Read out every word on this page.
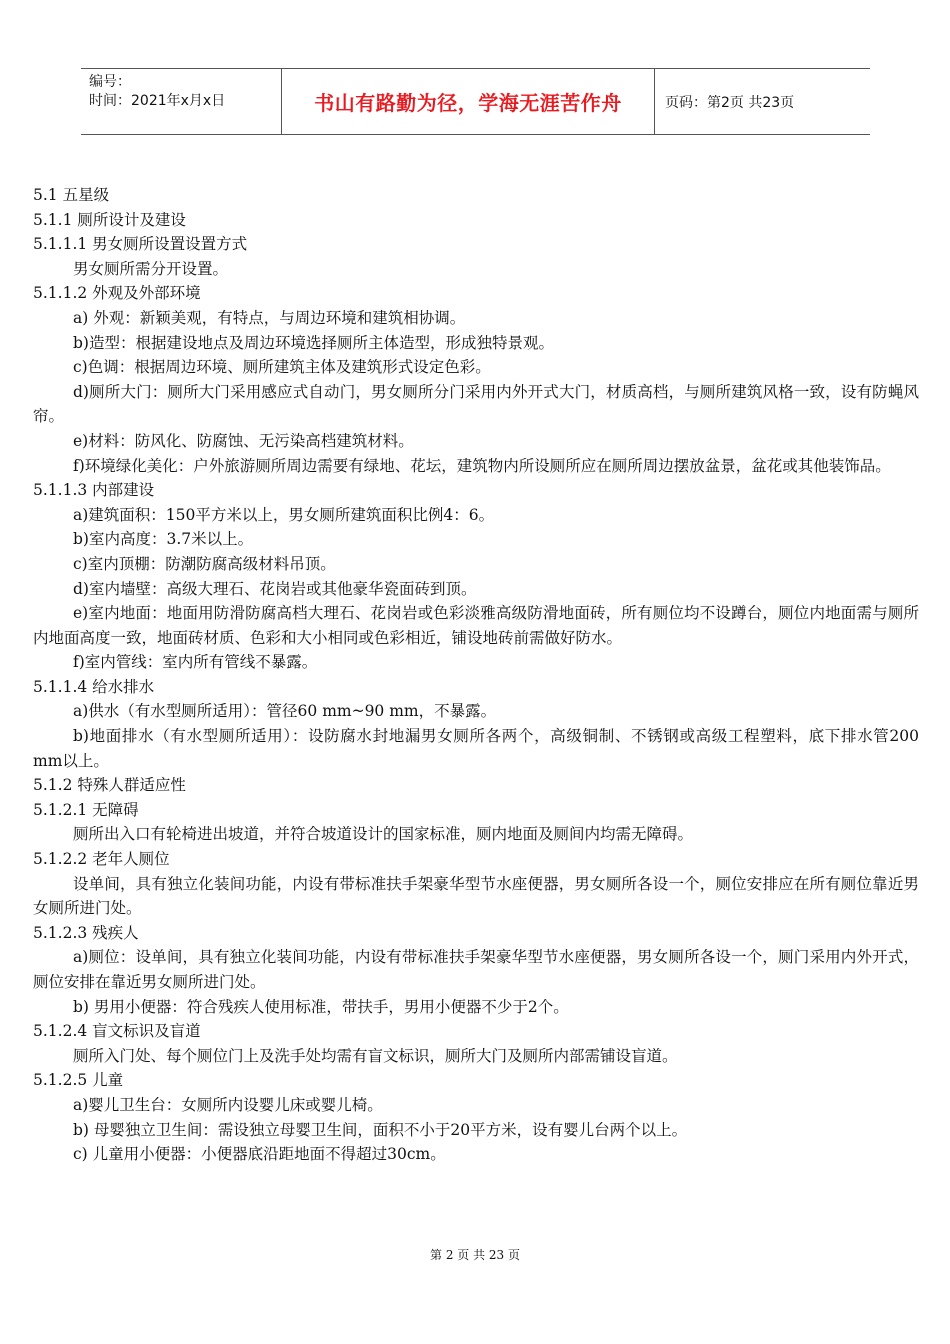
编号：
时间：2021年x月x日	书山有路勤为径，学海无涯苦作舟	页码：第2页 共23页
5.1 五星级
5.1.1 厕所设计及建设
5.1.1.1 男女厕所设置设置方式
男女厕所需分开设置。
5.1.1.2 外观及外部环境
a) 外观：新颖美观，有特点，与周边环境和建筑相协调。
b)造型：根据建设地点及周边环境选择厕所主体造型，形成独特景观。
c)色调：根据周边环境、厕所建筑主体及建筑形式设定色彩。
d)厕所大门：厕所大门采用感应式自动门，男女厕所分门采用内外开式大门，材质高档，与厕所建筑风格一致，设有防蝇风帘。
e)材料：防风化、防腐蚀、无污染高档建筑材料。
f)环境绿化美化：户外旅游厕所周边需要有绿地、花坛，建筑物内所设厕所应在厕所周边摆放盆景，盆花或其他装饰品。
5.1.1.3 内部建设
a)建筑面积：150平方米以上，男女厕所建筑面积比例4：6。
b)室内高度：3.7米以上。
c)室内顶棚：防潮防腐高级材料吊顶。
d)室内墙壁：高级大理石、花岗岩或其他豪华瓷面砖到顶。
e)室内地面：地面用防滑防腐高档大理石、花岗岩或色彩淡雅高级防滑地面砖，所有厕位均不设蹲台，厕位内地面需与厕所内地面高度一致，地面砖材质、色彩和大小相同或色彩相近，铺设地砖前需做好防水。
f)室内管线：室内所有管线不暴露。
5.1.1.4 给水排水
a)供水（有水型厕所适用）：管径60 mm~90 mm，不暴露。
b)地面排水（有水型厕所适用）：设防腐水封地漏男女厕所各两个，高级铜制、不锈钢或高级工程塑料，底下排水管200 mm以上。
5.1.2 特殊人群适应性
5.1.2.1 无障碍
厕所出入口有轮椅进出坡道，并符合坡道设计的国家标准，厕内地面及厕间内均需无障碍。
5.1.2.2 老年人厕位
设单间，具有独立化装间功能，内设有带标准扶手架豪华型节水座便器，男女厕所各设一个，厕位安排应在所有厕位靠近男女厕所进门处。
5.1.2.3 残疾人
a)厕位：设单间，具有独立化装间功能，内设有带标准扶手架豪华型节水座便器，男女厕所各设一个，厕门采用内外开式，厕位安排在靠近男女厕所进门处。
b) 男用小便器：符合残疾人使用标准，带扶手，男用小便器不少于2个。
5.1.2.4 盲文标识及盲道
厕所入门处、每个厕位门上及洗手处均需有盲文标识，厕所大门及厕所内部需铺设盲道。
5.1.2.5 儿童
a)婴儿卫生台：女厕所内设婴儿床或婴儿椅。
b) 母婴独立卫生间：需设独立母婴卫生间，面积不小于20平方米，设有婴儿台两个以上。
c) 儿童用小便器：小便器底沿距地面不得超过30cm。
第 2 页 共 23 页
